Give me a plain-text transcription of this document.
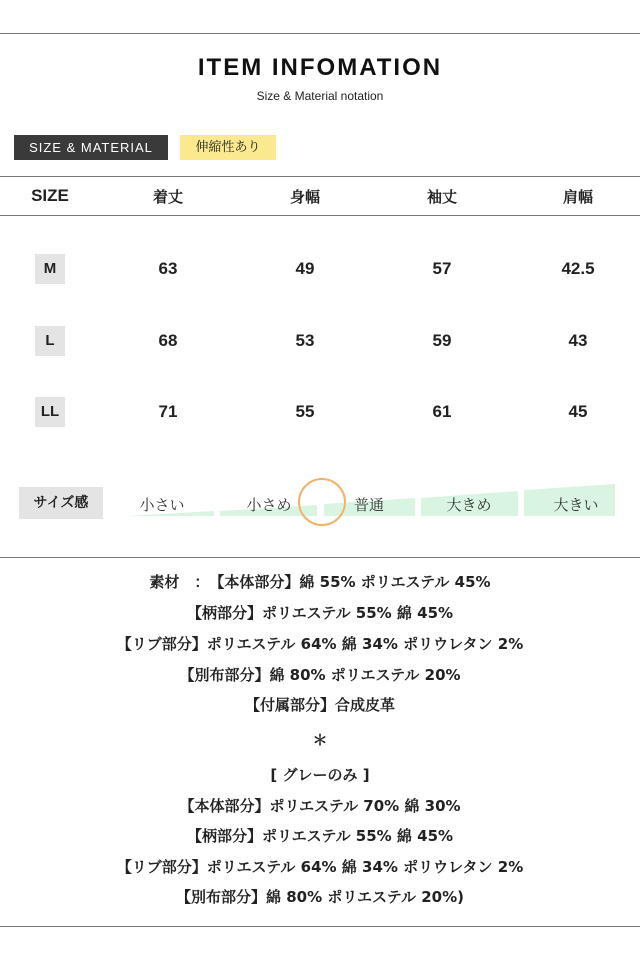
ITEM INFOMATION
Size & Material notation
SIZE & MATERIAL	伸縮性あり
SIZE	着丈	身幅	袖丈	肩幅
M	63	49	57	42.5
L	68	53	59	43
LL	71	55	61	45
サイズ感	小さい	小さめ	普通	大きめ	大きい
素材　：　【本体部分】綿 55% ポリエステル 45%
【柄部分】ポリエステル 55% 綿 45%
【リブ部分】ポリエステル 64% 綿 34% ポリウレタン 2%
【別布部分】綿 80% ポリエステル 20%
【付属部分】合成皮革
＊
[ グレーのみ ]
【本体部分】ポリエステル 70% 綿 30%
【柄部分】ポリエステル 55% 綿 45%
【リブ部分】ポリエステル 64% 綿 34% ポリウレタン 2%
【別布部分】綿 80% ポリエステル 20%)
